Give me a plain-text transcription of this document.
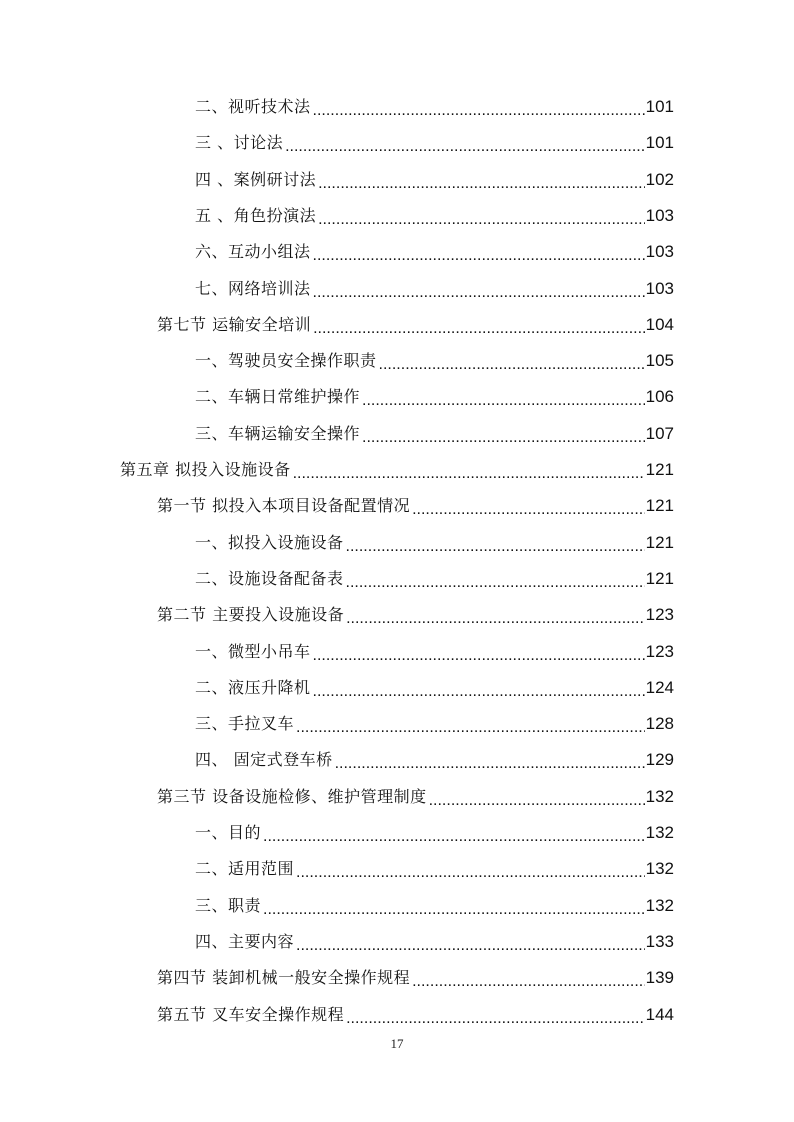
二、视听技术法 .....	101
三 、讨论法 .....	101
四 、案例研讨法 .....	102
五 、角色扮演法 .....	103
六、互动小组法 .....	103
七、网络培训法 .....	103
第七节 运输安全培训 .....	104
一、驾驶员安全操作职责 .....	105
二、车辆日常维护操作 .....	106
三、车辆运输安全操作 .....	107
第五章 拟投入设施设备 .....	121
第一节 拟投入本项目设备配置情况 .....	121
一、拟投入设施设备 .....	121
二、设施设备配备表 .....	121
第二节 主要投入设施设备 .....	123
一、微型小吊车 .....	123
二、液压升降机 .....	124
三、手拉叉车 .....	128
四、 固定式登车桥 .....	129
第三节 设备设施检修、维护管理制度 .....	132
一、目的 .....	132
二、适用范围 .....	132
三、职责 .....	132
四、主要内容 .....	133
第四节 装卸机械一般安全操作规程 .....	139
第五节 叉车安全操作规程 .....	144
17
